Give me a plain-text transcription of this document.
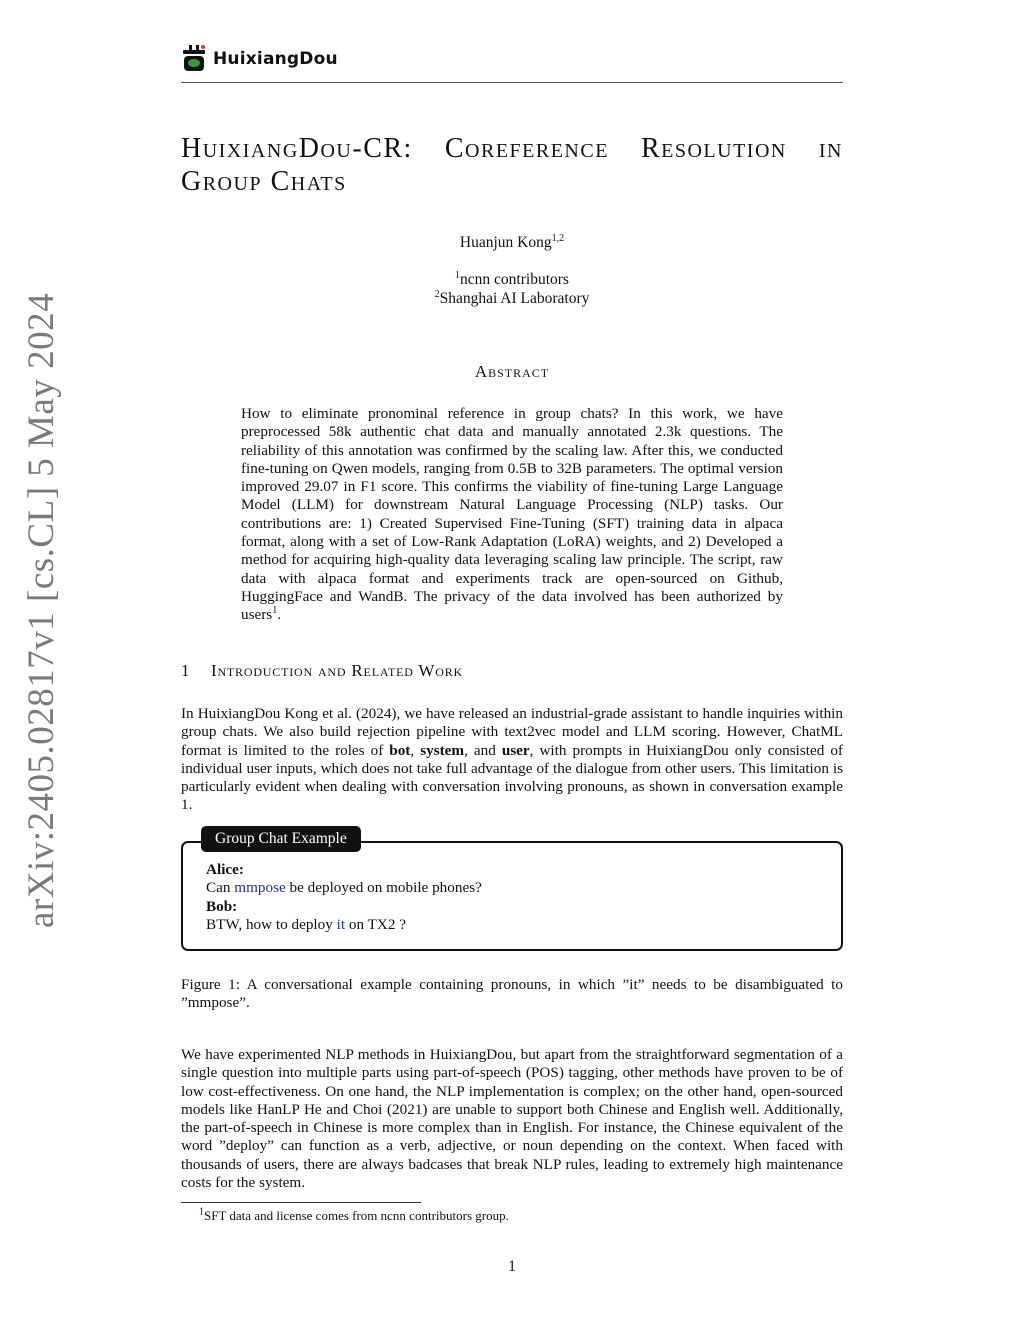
HuixiangDou
arXiv:2405.02817v1 [cs.CL] 5 May 2024
HuixiangDou-CR: Coreference Resolution in Group Chats
Huanjun Kong$^{1,2}$
$^1$ncnn contributors
$^2$Shanghai AI Laboratory
Abstract

How to eliminate pronominal reference in group chats? In this work, we have preprocessed 58k authentic chat data and manually annotated 2.3k questions. The reliability of this annotation was confirmed by the scaling law. After this, we conducted fine-tuning on Qwen models, ranging from 0.5B to 32B parameters. The optimal version improved 29.07 in F1 score. This confirms the viability of fine-tuning Large Language Model (LLM) for downstream Natural Language Processing (NLP) tasks. Our contributions are: 1) Created Supervised Fine-Tuning (SFT) training data in alpaca format, along with a set of Low-Rank Adaptation (LoRA) weights, and 2) Developed a method for acquiring high-quality data leveraging scaling law principle. The script, raw data with alpaca format and experiments track are open-sourced on Github, HuggingFace and WandB. The privacy of the data involved has been authorized by users$^1$.

1 Introduction and Related Work

In HuixiangDou Kong et al. (2024), we have released an industrial-grade assistant to handle inquiries within group chats. We also build rejection pipeline with text2vec model and LLM scoring. However, ChatML format is limited to the roles of bot, system, and user, with prompts in HuixiangDou only consisted of individual user inputs, which does not take full advantage of the dialogue from other users. This limitation is particularly evident when dealing with conversation involving pronouns, as shown in conversation example 1.

Group Chat Example
Alice:
Can mmpose be deployed on mobile phones?
Bob:
BTW, how to deploy it on TX2 ?

Figure 1: A conversational example containing pronouns, in which ”it” needs to be disambiguated to ”mmpose”.

We have experimented NLP methods in HuixiangDou, but apart from the straightforward segmentation of a single question into multiple parts using part-of-speech (POS) tagging, other methods have proven to be of low cost-effectiveness. On one hand, the NLP implementation is complex; on the other hand, open-sourced models like HanLP He and Choi (2021) are unable to support both Chinese and English well. Additionally, the part-of-speech in Chinese is more complex than in English. For instance, the Chinese equivalent of the word ”deploy” can function as a verb, adjective, or noun depending on the context. When faced with thousands of users, there are always badcases that break NLP rules, leading to extremely high maintenance costs for the system.

$^1$SFT data and license comes from ncnn contributors group.
1
